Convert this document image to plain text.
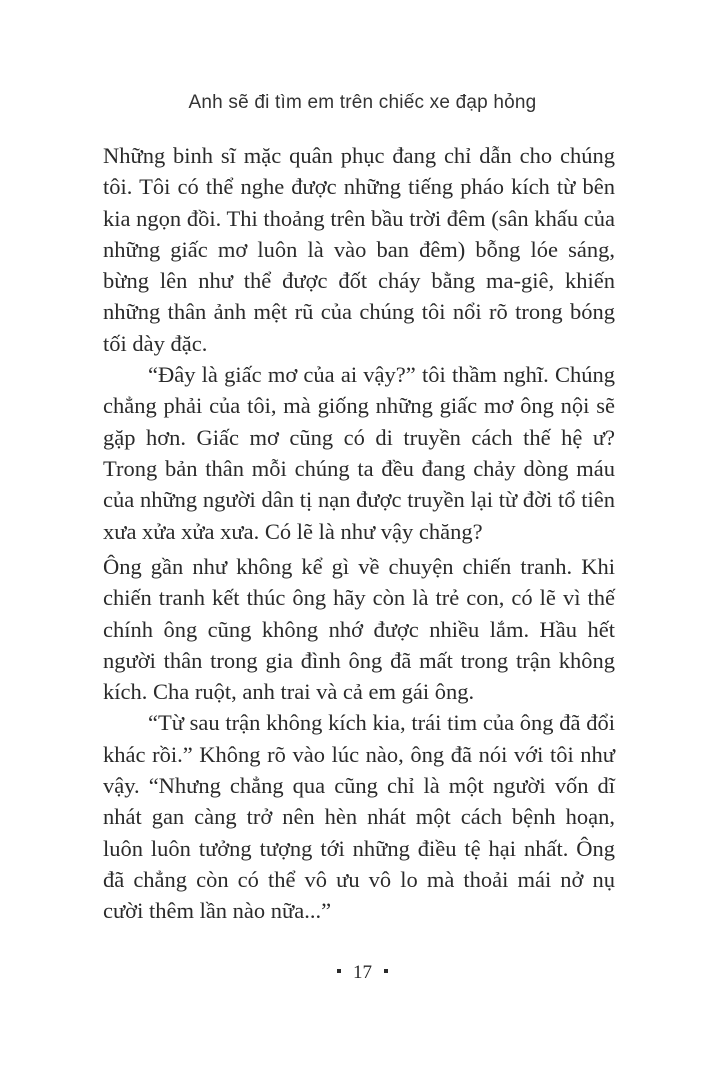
Anh sẽ đi tìm em trên chiếc xe đạp hỏng

Những binh sĩ mặc quân phục đang chỉ dẫn cho chúng tôi. Tôi có thể nghe được những tiếng pháo kích từ bên kia ngọn đồi. Thi thoảng trên bầu trời đêm (sân khấu của những giấc mơ luôn là vào ban đêm) bỗng lóe sáng, bừng lên như thể được đốt cháy bằng ma-giê, khiến những thân ảnh mệt rũ của chúng tôi nổi rõ trong bóng tối dày đặc.

“Đây là giấc mơ của ai vậy?” tôi thầm nghĩ. Chúng chẳng phải của tôi, mà giống những giấc mơ ông nội sẽ gặp hơn. Giấc mơ cũng có di truyền cách thế hệ ư? Trong bản thân mỗi chúng ta đều đang chảy dòng máu của những người dân tị nạn được truyền lại từ đời tổ tiên xưa xửa xửa xưa. Có lẽ là như vậy chăng?

Ông gần như không kể gì về chuyện chiến tranh. Khi chiến tranh kết thúc ông hãy còn là trẻ con, có lẽ vì thế chính ông cũng không nhớ được nhiều lắm. Hầu hết người thân trong gia đình ông đã mất trong trận không kích. Cha ruột, anh trai và cả em gái ông.

“Từ sau trận không kích kia, trái tim của ông đã đổi khác rồi.” Không rõ vào lúc nào, ông đã nói với tôi như vậy. “Nhưng chẳng qua cũng chỉ là một người vốn dĩ nhát gan càng trở nên hèn nhát một cách bệnh hoạn, luôn luôn tưởng tượng tới những điều tệ hại nhất. Ông đã chẳng còn có thể vô ưu vô lo mà thoải mái nở nụ cười thêm lần nào nữa...”

17
